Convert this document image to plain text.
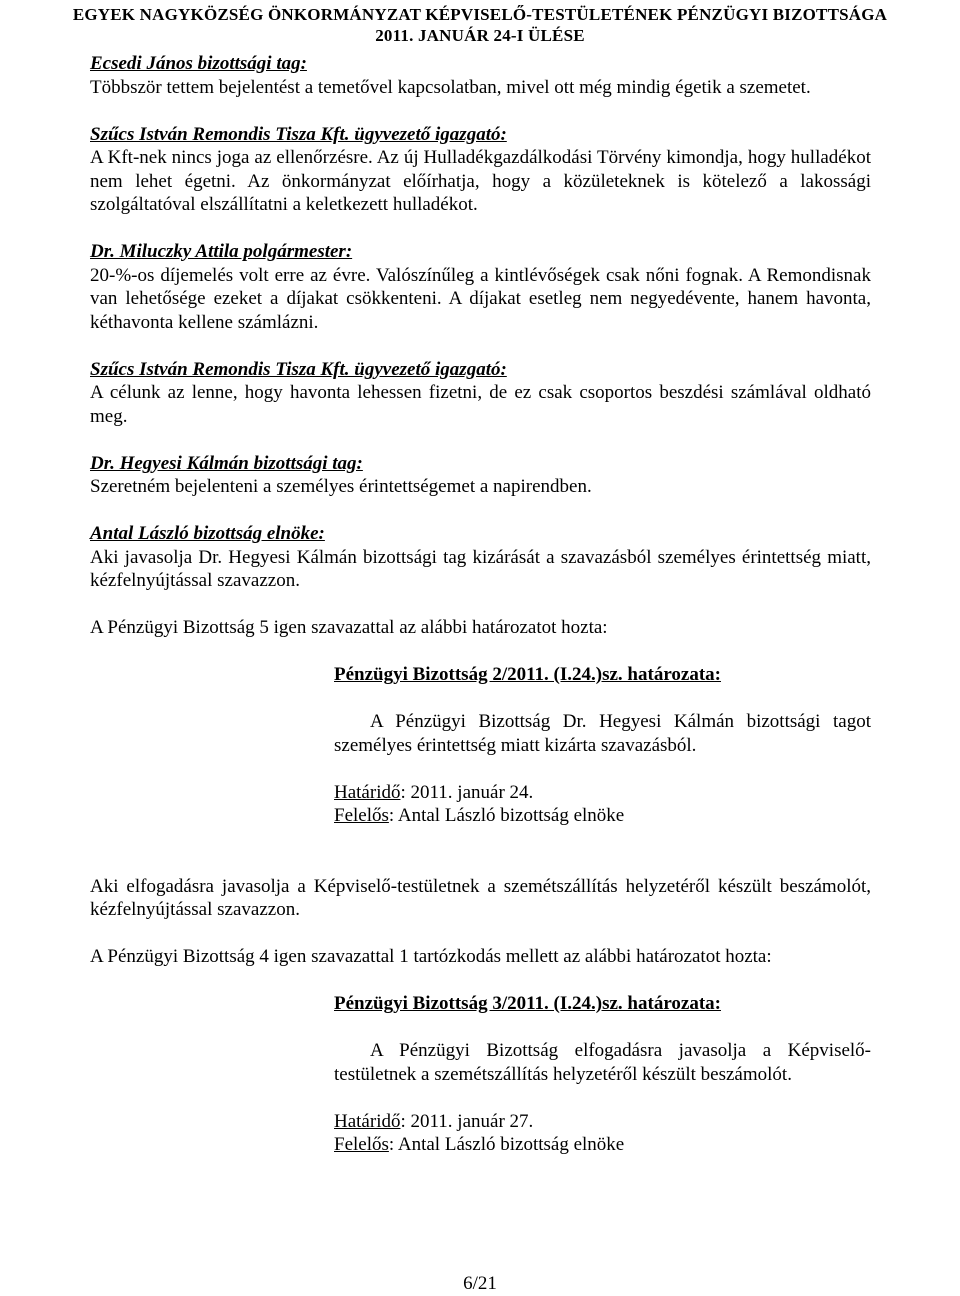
EGYEK NAGYKÖZSÉG ÖNKORMÁNYZAT KÉPVISELŐ-TESTÜLETÉNEK PÉNZÜGYI BIZOTTSÁGA
2011. JANUÁR 24-I ÜLÉSE
Ecsedi János bizottsági tag:

Többször tettem bejelentést a temetővel kapcsolatban, mivel ott még mindig égetik a szemetet.

Szűcs István Remondis Tisza Kft. ügyvezető igazgató:

A Kft-nek nincs joga az ellenőrzésre. Az új Hulladékgazdálkodási Törvény kimondja, hogy hulladékot nem lehet égetni. Az önkormányzat előírhatja, hogy a közületeknek is kötelező a lakossági szolgáltatóval elszállítatni a keletkezett hulladékot.

Dr. Miluczky Attila polgármester:

20-%-os díjemelés volt erre az évre. Valószínűleg a kintlévőségek csak nőni fognak. A Remondisnak van lehetősége ezeket a díjakat csökkenteni. A díjakat esetleg nem negyedévente, hanem havonta, kéthavonta kellene számlázni.

Szűcs István Remondis Tisza Kft. ügyvezető igazgató:

A célunk az lenne, hogy havonta lehessen fizetni, de ez csak csoportos beszdési számlával oldható meg.

Dr. Hegyesi Kálmán bizottsági tag:

Szeretném bejelenteni a személyes érintettségemet a napirendben.

Antal László bizottság elnöke:

Aki javasolja Dr. Hegyesi Kálmán bizottsági tag kizárását a szavazásból személyes érintettség miatt, kézfelnyújtással szavazzon.

A Pénzügyi Bizottság 5 igen szavazattal az alábbi határozatot hozta:

Pénzügyi Bizottság 2/2011. (I.24.)sz. határozata:

A Pénzügyi Bizottság Dr. Hegyesi Kálmán bizottsági tagot személyes érintettség miatt kizárta szavazásból.

Határidő: 2011. január 24.
Felelős: Antal László bizottság elnöke

Aki elfogadásra javasolja a Képviselő-testületnek a szemétszállítás helyzetéről készült beszámolót, kézfelnyújtással szavazzon.

A Pénzügyi Bizottság 4 igen szavazattal 1 tartózkodás mellett az alábbi határozatot hozta:

Pénzügyi Bizottság 3/2011. (I.24.)sz. határozata:

A Pénzügyi Bizottság elfogadásra javasolja a Képviselő-testületnek a szemétszállítás helyzetéről készült beszámolót.

Határidő: 2011. január 27.
Felelős: Antal László bizottság elnöke
6/21
